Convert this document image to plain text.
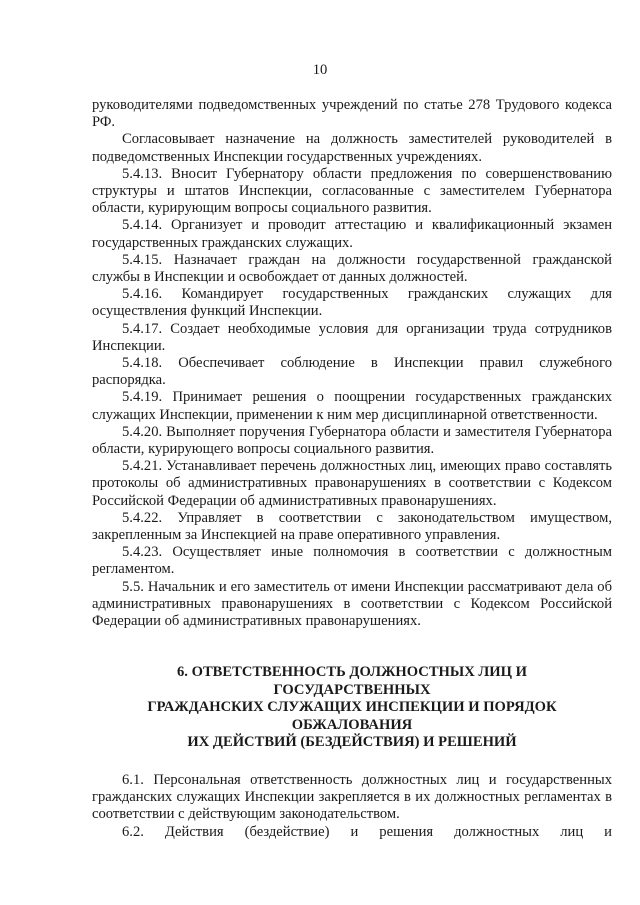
10

руководителями подведомственных учреждений по статье 278 Трудового кодекса РФ.

Согласовывает назначение на должность заместителей руководителей в подведомственных Инспекции государственных учреждениях.

5.4.13. Вносит Губернатору области предложения по совершенствованию структуры и штатов Инспекции, согласованные с заместителем Губернатора области, курирующим вопросы социального развития.

5.4.14. Организует и проводит аттестацию и квалификационный экзамен государственных гражданских служащих.

5.4.15. Назначает граждан на должности государственной гражданской службы в Инспекции и освобождает от данных должностей.

5.4.16. Командирует государственных гражданских служащих для осуществления функций Инспекции.

5.4.17. Создает необходимые условия для организации труда сотрудников Инспекции.

5.4.18. Обеспечивает соблюдение в Инспекции правил служебного распорядка.

5.4.19. Принимает решения о поощрении государственных гражданских служащих Инспекции, применении к ним мер дисциплинарной ответственности.

5.4.20. Выполняет поручения Губернатора области и заместителя Губернатора области, курирующего вопросы социального развития.

5.4.21. Устанавливает перечень должностных лиц, имеющих право составлять протоколы об административных правонарушениях в соответствии с Кодексом Российской Федерации об административных правонарушениях.

5.4.22. Управляет в соответствии с законодательством имуществом, закрепленным за Инспекцией на праве оперативного управления.

5.4.23. Осуществляет иные полномочия в соответствии с должностным регламентом.

5.5. Начальник и его заместитель от имени Инспекции рассматривают дела об административных правонарушениях в соответствии с Кодексом Российской Федерации об административных правонарушениях.

6. ОТВЕТСТВЕННОСТЬ ДОЛЖНОСТНЫХ ЛИЦ И
ГОСУДАРСТВЕННЫХ
ГРАЖДАНСКИХ СЛУЖАЩИХ ИНСПЕКЦИИ И ПОРЯДОК
ОБЖАЛОВАНИЯ
ИХ ДЕЙСТВИЙ (БЕЗДЕЙСТВИЯ) И РЕШЕНИЙ

6.1. Персональная ответственность должностных лиц и государственных гражданских служащих Инспекции закрепляется в их должностных регламентах в соответствии с действующим законодательством.

6.2. Действия (бездействие) и решения должностных лиц и
